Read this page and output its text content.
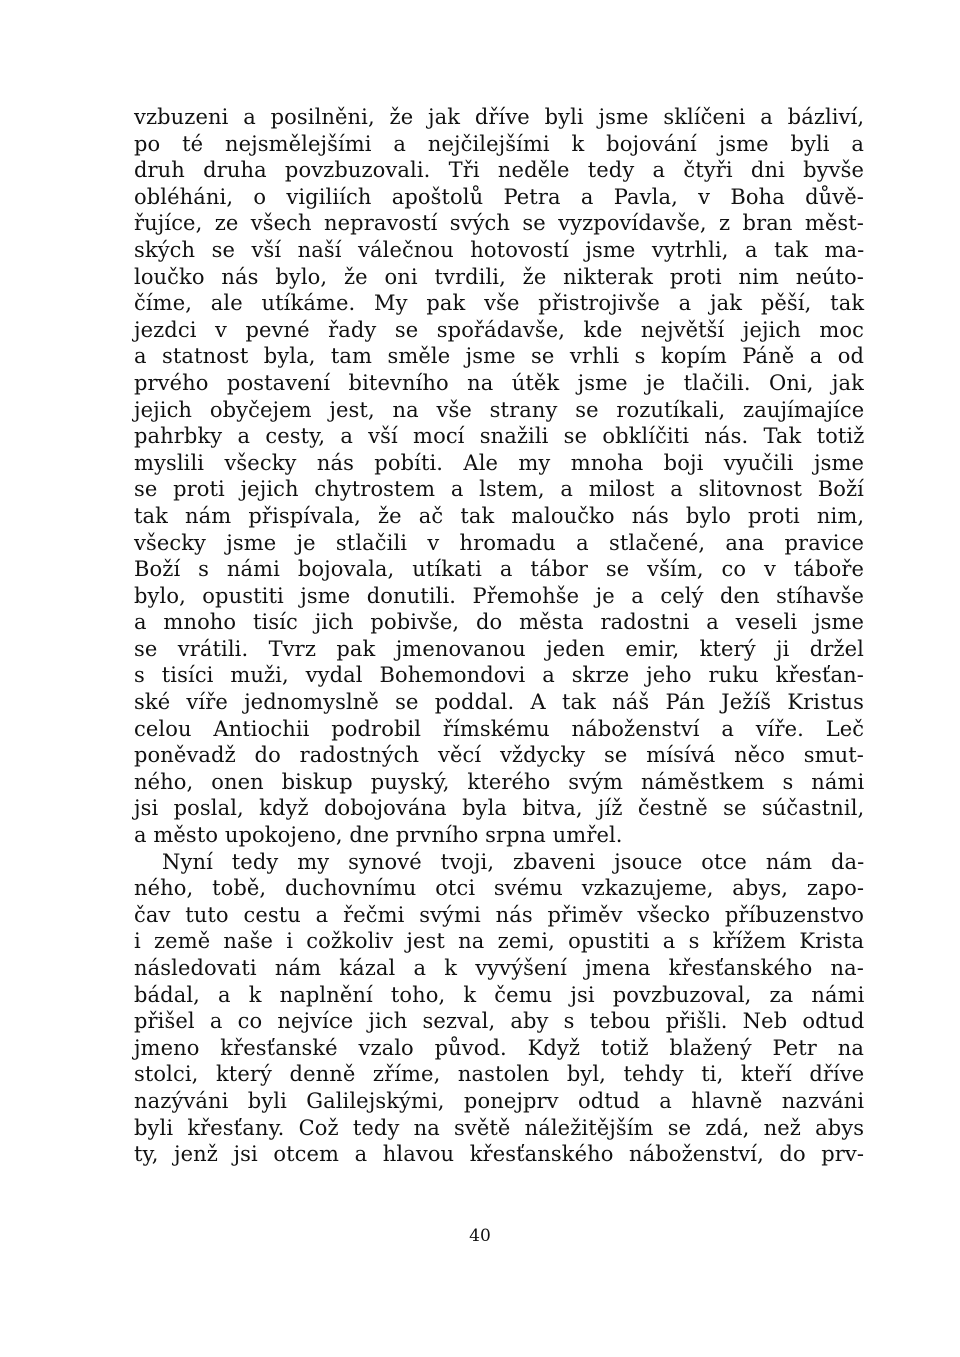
vzbuzeni a posilněni, že jak dříve byli jsme sklíčeni a bázliví,
po té nejsmělejšími a nejčilejšími k bojování jsme byli a
druh druha povzbuzovali. Tři neděle tedy a čtyři dni byvše
obléháni, o vigiliích apoštolů Petra a Pavla, v Boha důvě-
řujíce, ze všech nepravostí svých se vyzpovídavše, z bran měst-
ských se vší naší válečnou hotovostí jsme vytrhli, a tak ma-
loučko nás bylo, že oni tvrdili, že nikterak proti nim neúto-
číme, ale utíkáme. My pak vše přistrojivše a jak pěší, tak
jezdci v pevné řady se spořádavše, kde největší jejich moc
a statnost byla, tam směle jsme se vrhli s kopím Páně a od
prvého postavení bitevního na útěk jsme je tlačili. Oni, jak
jejich obyčejem jest, na vše strany se rozutíkali, zaujímajíce
pahrbky a cesty, a vší mocí snažili se obklíčiti nás. Tak totiž
myslili všecky nás pobíti. Ale my mnoha boji vyučili jsme
se proti jejich chytrostem a lstem, a milost a slitovnost Boží
tak nám přispívala, že ač tak maloučko nás bylo proti nim,
všecky jsme je stlačili v hromadu a stlačené, ana pravice
Boží s námi bojovala, utíkati a tábor se vším, co v táboře
bylo, opustiti jsme donutili. Přemohše je a celý den stíhavše
a mnoho tisíc jich pobivše, do města radostni a veseli jsme
se vrátili. Tvrz pak jmenovanou jeden emir, který ji držel
s tisíci muži, vydal Bohemondovi a skrze jeho ruku křesťan-
ské víře jednomyslně se poddal. A tak náš Pán Ježíš Kristus
celou Antiochii podrobil římskému náboženství a víře. Leč
poněvadž do radostných věcí vždycky se mísívá něco smut-
ného, onen biskup puyský, kterého svým náměstkem s námi
jsi poslal, když dobojována byla bitva, jíž čestně se súčastnil,
a město upokojeno, dne prvního srpna umřel.
Nyní tedy my synové tvoji, zbaveni jsouce otce nám da-
ného, tobě, duchovnímu otci svému vzkazujeme, abys, zapo-
čav tuto cestu a řečmi svými nás přiměv všecko příbuzenstvo
i země naše i cožkoliv jest na zemi, opustiti a s křížem Krista
následovati nám kázal a k vyvýšení jmena křesťanského na-
bádal, a k naplnění toho, k čemu jsi povzbuzoval, za námi
přišel a co nejvíce jich sezval, aby s tebou přišli. Neb odtud
jmeno křesťanské vzalo původ. Když totiž blažený Petr na
stolci, který denně zříme, nastolen byl, tehdy ti, kteří dříve
nazýváni byli Galilejskými, ponejprv odtud a hlavně nazváni
byli křesťany. Což tedy na světě náležitějším se zdá, než abys
ty, jenž jsi otcem a hlavou křesťanského náboženství, do prv-
40
